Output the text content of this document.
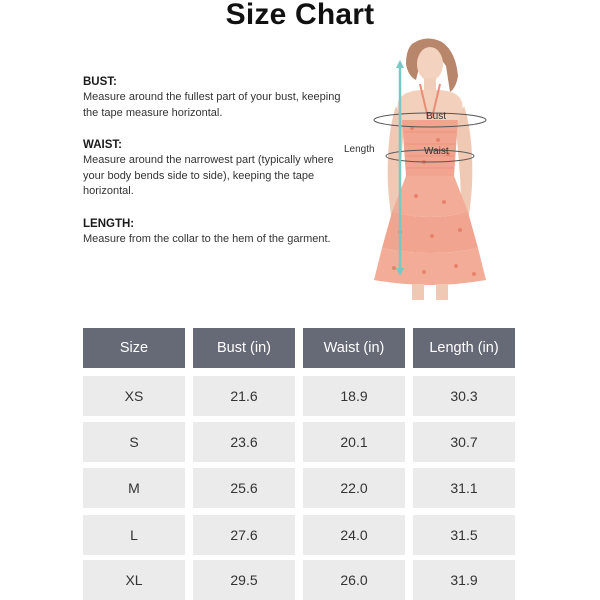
Size Chart
BUST:
Measure around the fullest part of your bust, keeping the tape measure horizontal.
WAIST:
Measure around the narrowest part (typically where your body bends side to side), keeping the tape horizontal.
LENGTH:
Measure from the collar to the hem of the garment.
Bust
Waist
Length
Size	Bust (in)	Waist (in)	Length (in)
XS	21.6	18.9	30.3
S	23.6	20.1	30.7
M	25.6	22.0	31.1
L	27.6	24.0	31.5
XL	29.5	26.0	31.9
